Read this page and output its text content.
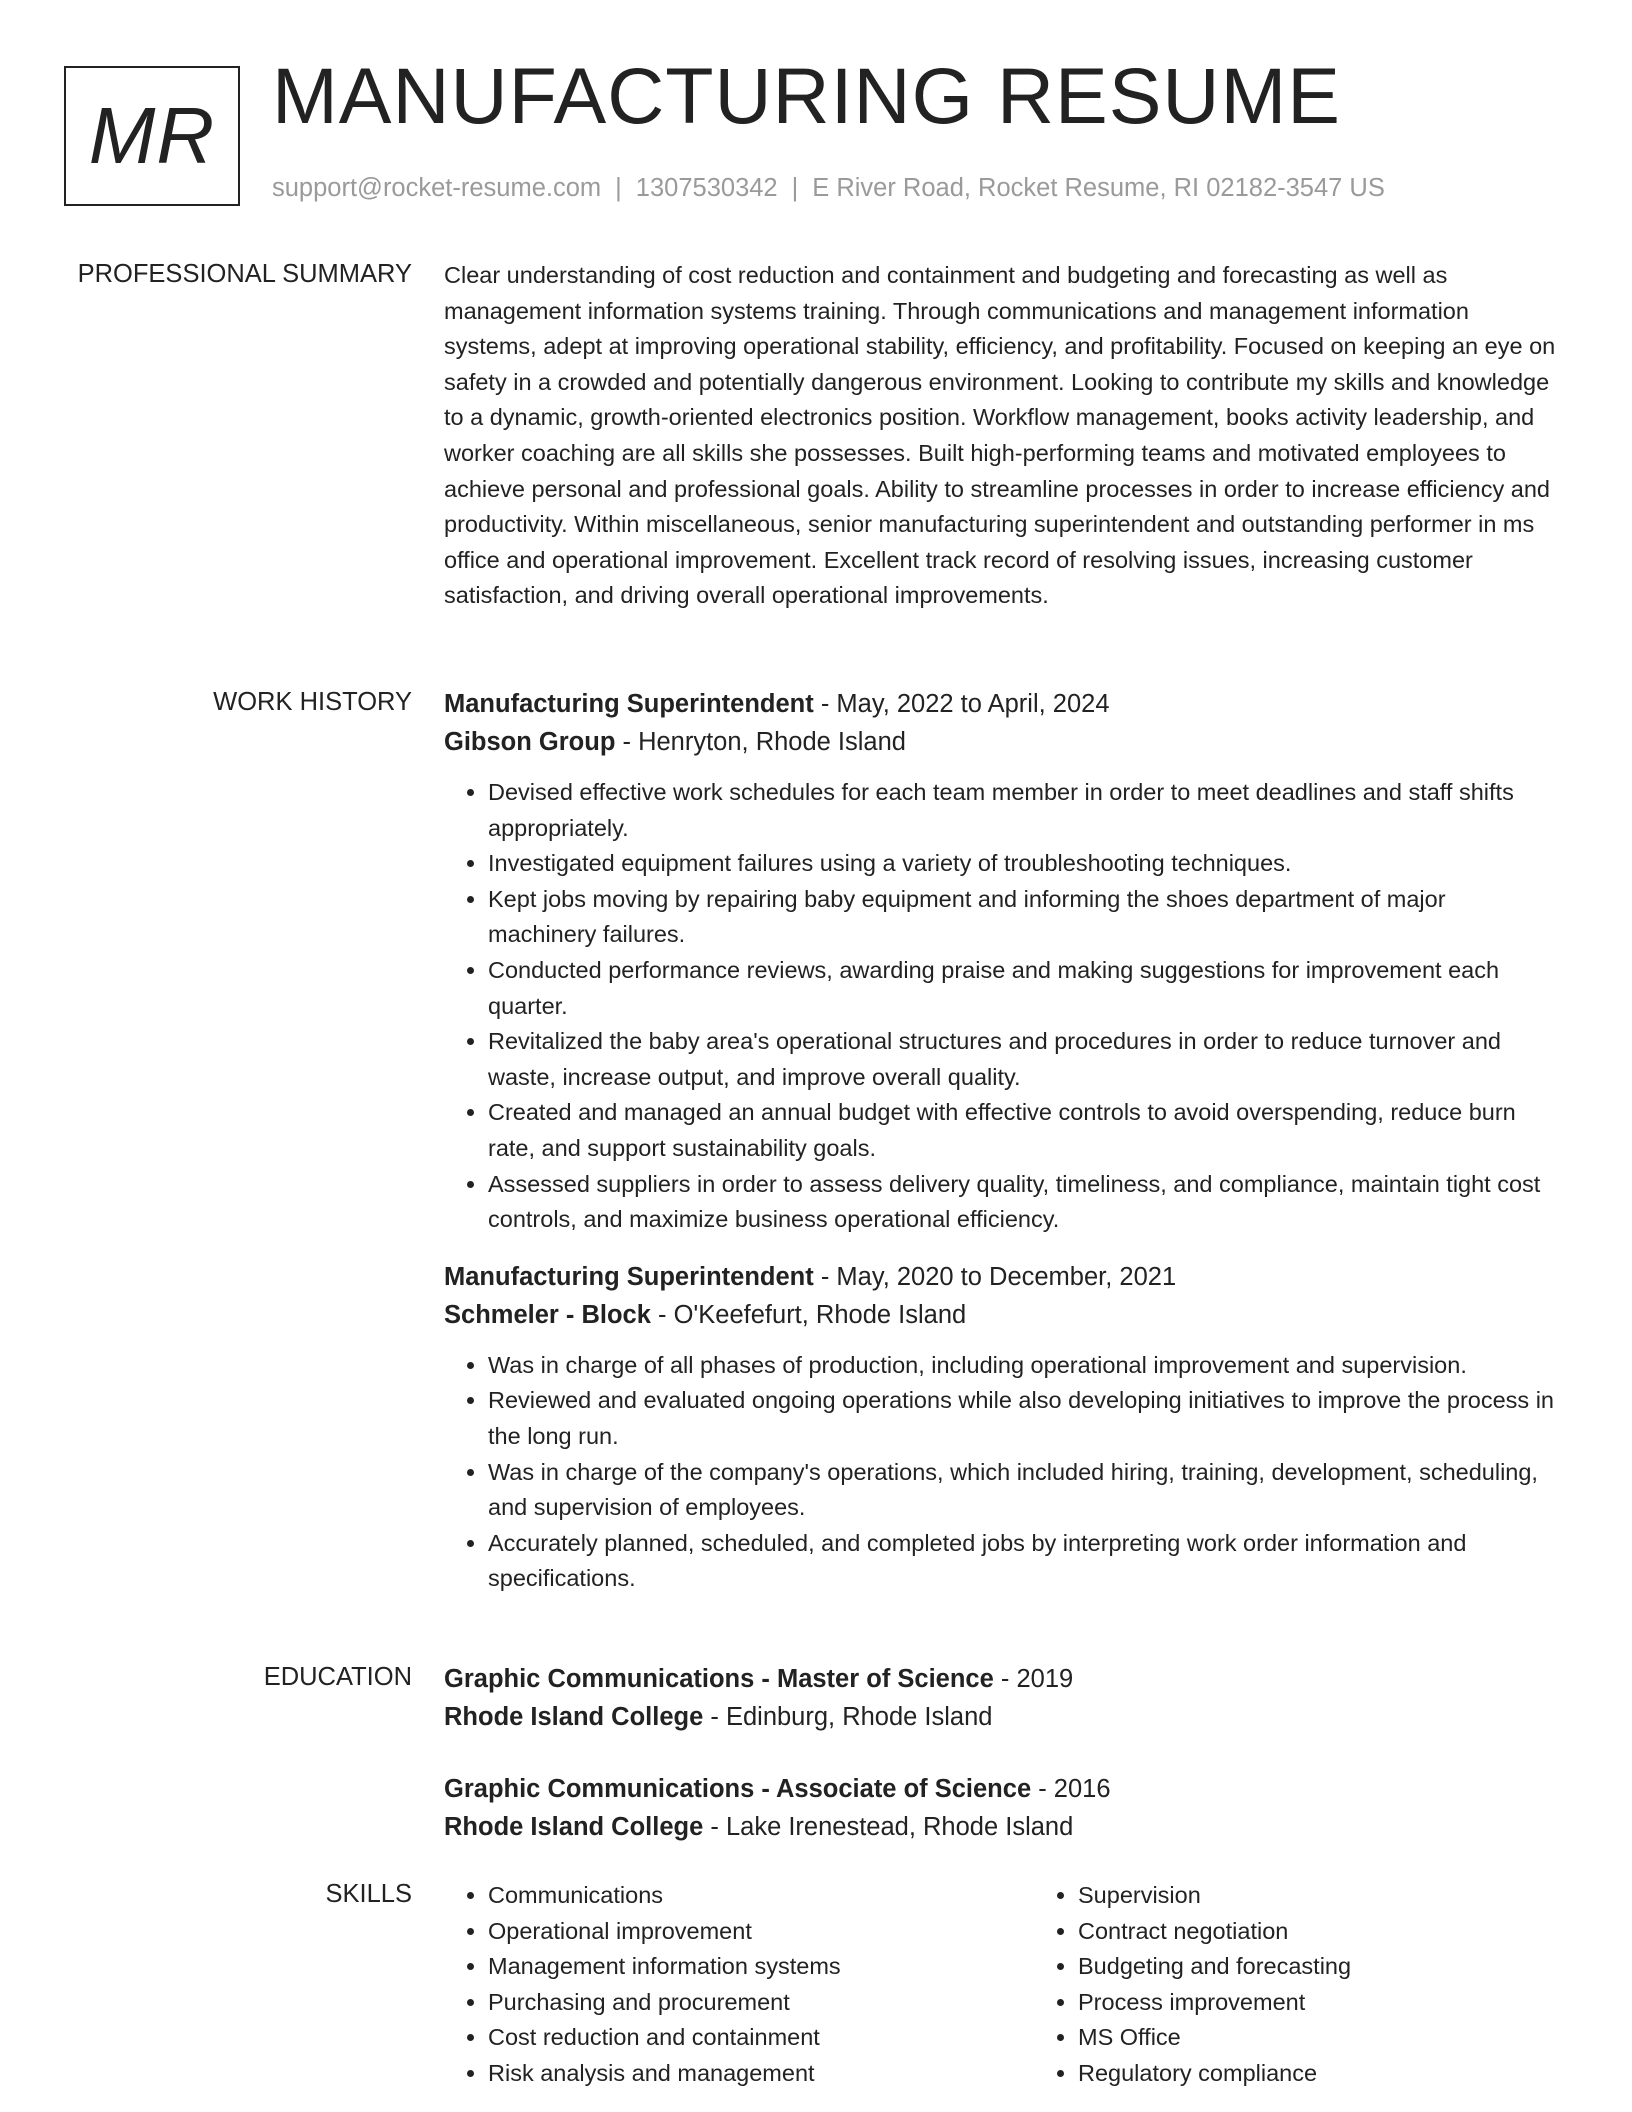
MR MANUFACTURING RESUME
support@rocket-resume.com | 1307530342 | E River Road, Rocket Resume, RI 02182-3547 US
PROFESSIONAL SUMMARY Clear understanding of cost reduction and containment and budgeting and forecasting as well as management information systems training. Through communications and management information systems, adept at improving operational stability, efficiency, and profitability. Focused on keeping an eye on safety in a crowded and potentially dangerous environment. Looking to contribute my skills and knowledge to a dynamic, growth-oriented electronics position. Workflow management, books activity leadership, and worker coaching are all skills she possesses. Built high-performing teams and motivated employees to achieve personal and professional goals. Ability to streamline processes in order to increase efficiency and productivity. Within miscellaneous, senior manufacturing superintendent and outstanding performer in ms office and operational improvement. Excellent track record of resolving issues, increasing customer satisfaction, and driving overall operational improvements.

WORK HISTORY Manufacturing Superintendent - May, 2022 to April, 2024
Gibson Group - Henryton, Rhode Island
• Devised effective work schedules for each team member in order to meet deadlines and staff shifts appropriately.
• Investigated equipment failures using a variety of troubleshooting techniques.
• Kept jobs moving by repairing baby equipment and informing the shoes department of major machinery failures.
• Conducted performance reviews, awarding praise and making suggestions for improvement each quarter.
• Revitalized the baby area's operational structures and procedures in order to reduce turnover and waste, increase output, and improve overall quality.
• Created and managed an annual budget with effective controls to avoid overspending, reduce burn rate, and support sustainability goals.
• Assessed suppliers in order to assess delivery quality, timeliness, and compliance, maintain tight cost controls, and maximize business operational efficiency.
Manufacturing Superintendent - May, 2020 to December, 2021
Schmeler - Block - O'Keefefurt, Rhode Island
• Was in charge of all phases of production, including operational improvement and supervision.
• Reviewed and evaluated ongoing operations while also developing initiatives to improve the process in the long run.
• Was in charge of the company's operations, which included hiring, training, development, scheduling, and supervision of employees.
• Accurately planned, scheduled, and completed jobs by interpreting work order information and specifications.
EDUCATION Graphic Communications - Master of Science - 2019
Rhode Island College - Edinburg, Rhode Island
Graphic Communications - Associate of Science - 2016
Rhode Island College - Lake Irenestead, Rhode Island
SKILLS
•	Communications
• Operational improvement
• Management information systems
• Purchasing and procurement
• Cost reduction and containment
• Risk analysis and management
• Supervision
• Contract negotiation
• Budgeting and forecasting
• Process improvement
• MS Office
• Regulatory compliance
